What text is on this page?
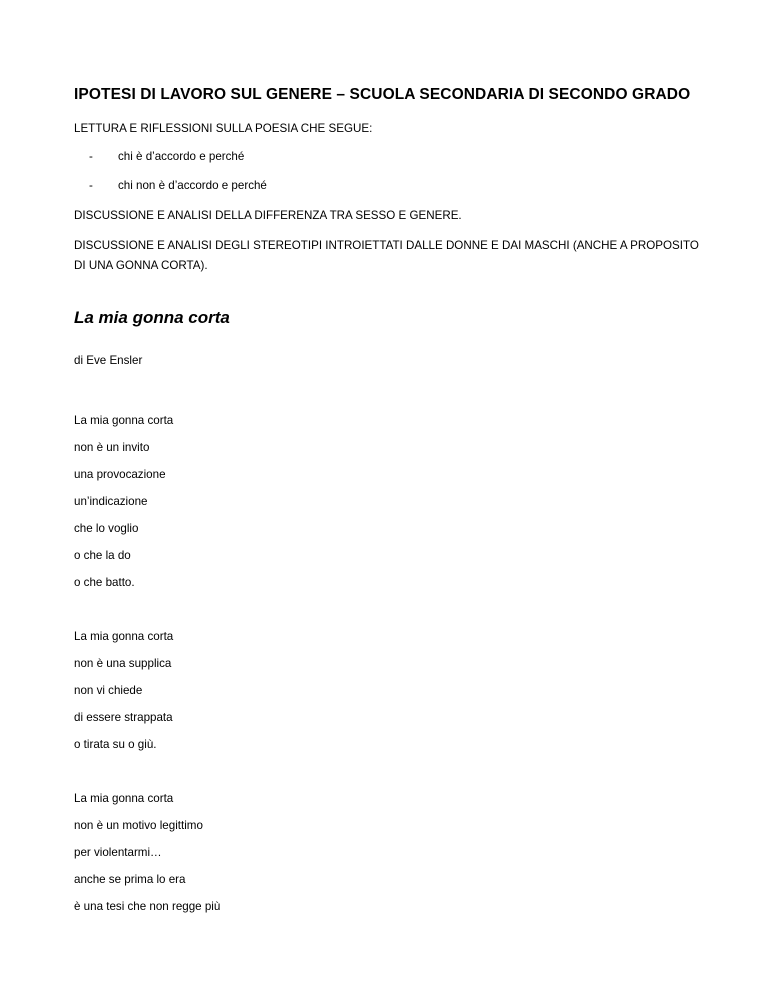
IPOTESI DI LAVORO SUL GENERE – SCUOLA SECONDARIA DI SECONDO GRADO

LETTURA E RIFLESSIONI SULLA POESIA CHE SEGUE:

- chi è d’accordo e perché
- chi non è d’accordo e perché

DISCUSSIONE E ANALISI DELLA DIFFERENZA TRA SESSO E GENERE.

DISCUSSIONE E ANALISI DEGLI STEREOTIPI INTROIETTATI DALLE DONNE E DAI MASCHI (ANCHE A PROPOSITO DI UNA GONNA CORTA).

La mia gonna corta

di Eve Ensler

La mia gonna corta

non è un invito

una provocazione

un’indicazione

che lo voglio

o che la do

o che batto.

La mia gonna corta

non è una supplica

non vi chiede

di essere strappata

o tirata su o giù.

La mia gonna corta

non è un motivo legittimo

per violentarmi…

anche se prima lo era

è una tesi che non regge più
